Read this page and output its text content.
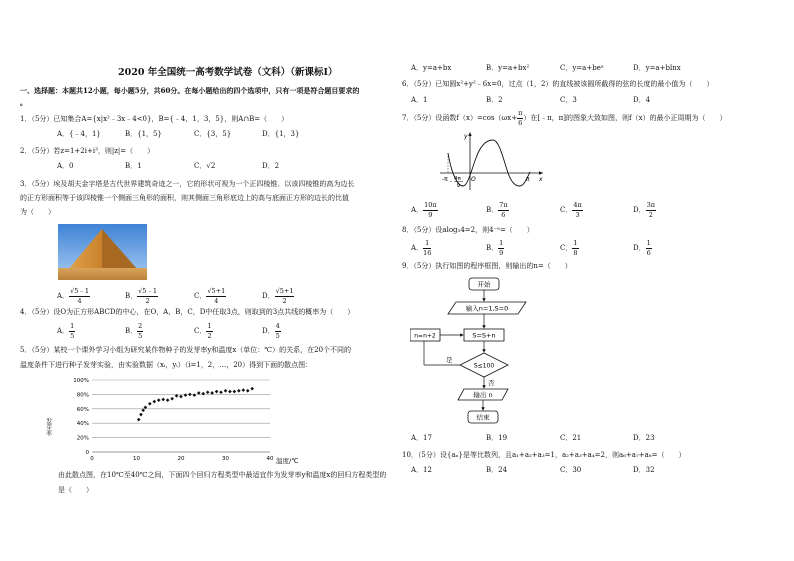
2020 年全国统一高考数学试卷（文科）（新课标Ⅰ）
一、选择题：本题共12小题，每小题5分，共60分。在每小题给出的四个选项中，只有一项是符合题目要求的
。
1．（5分）已知集合A={x|x²﹣3x﹣4<0}，B={﹣4，1，3，5}，则A∩B=（　　）
A．{﹣4，1}	B．{1，5}	C．{3，5}	D．{1，3}
2．（5分）若z=1+2i+i³，则|z|=（　　）
A．0	B．1	C．√2	D．2
3．（5分）埃及胡夫金字塔是古代世界建筑奇迹之一，它的形状可视为一个正四棱锥．以该四棱锥的高为边长
的正方形面积等于该四棱锥一个侧面三角形的面积，则其侧面三角形底边上的高与底面正方形的边长的比值
为（　　）
A． $\frac{√5﹣1}{4}$	B． $\frac{√5﹣1}{2}$	C． $\frac{√5+1}{4}$	D． $\frac{√5+1}{2}$
4．（5分）设O为正方形ABCD的中心，在O，A，B，C，D中任取3点，则取到的3点共线的概率为（　　）
A． $\frac{1}{5}$	B． $\frac{2}{5}$	C． $\frac{1}{2}$	D． $\frac{4}{5}$
5．（5分）某校一个课外学习小组为研究某作物种子的发芽率y和温度x（单位：℃）的关系，在20个不同的
温度条件下进行种子发芽实验，由实验数据（xᵢ，yᵢ）（i=1，2，…，20）得到下面的散点图：
100%
80%
60%
40%
20%
0
0	10	20	30	40
发芽率
温度/℃
由此散点图，在10℃至40℃之间，下面四个回归方程类型中最适宜作为发芽率y和温度x的回归方程类型的
是（　　）
A．y=a+bx	B．y=a+bx²	C．y=a+beˣ	D．y=a+blnx
6．（5分）已知圆x²+y²﹣6x=0，过点（1，2）的直线被该圆所截得的弦的长度的最小值为（　　）
A．1	B．2	C．3	D．4
7．（5分）设函数$f(x)=\cos(\omega x+ \frac{\pi}{6}$ ）在[﹣π，π]的图象大致如图，则f（x）的最小正周期为（　　）
y
x
-π	π
O
- 4π
9
A． $\frac{10\pi}{9}$	B． $\frac{7\pi}{6}$	C． $\frac{4\pi}{3}$	D． $\frac{3\pi}{2}$
8．（5分）设alog₃4=2，则4⁻ᵃ=（　　）
A． $\frac{1}{16}$	B． $\frac{1}{9}$	C． $\frac{1}{8}$	D． $\frac{1}{6}$
9．（5分）执行如图的程序框图，则输出的n=（　　）
开始
输入n=1,S=0
S=S+n
S≤100
是
n=n+2
否
输出 n
结束
A．17	B．19	C．21	D．23
10．（5分）设{aₙ}是等比数列，且a₁+a₂+a₃=1，a₂+a₃+a₄=2，则a₆+a₇+a₈=（　　）
A．12	B．24	C．30	D．32
